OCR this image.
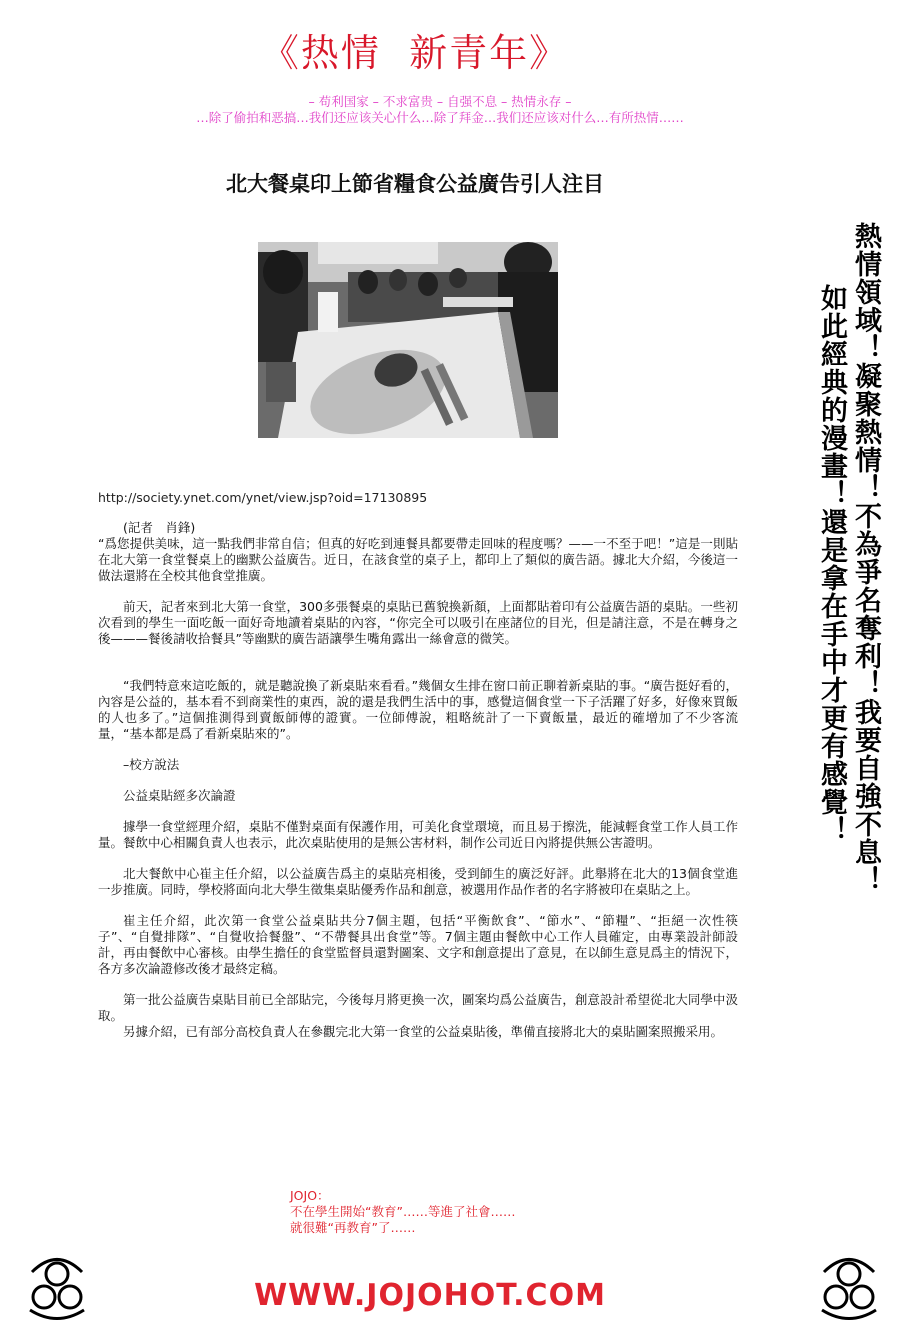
《热情  新青年》
– 苟利国家 – 不求富贵 – 自强不息 – 热情永存 –
…除了偷拍和恶搞…我们还应该关心什么…除了拜金…我们还应该对什么…有所热情……
北大餐桌印上節省糧食公益廣告引人注目
http://society.ynet.com/ynet/view.jsp?oid=17130895

(記者　肖鋒)

“爲您提供美味，這一點我們非常自信；但真的好吃到連餐具都要帶走回味的程度嗎？——一不至于吧！”這是一則貼在北大第一食堂餐桌上的幽默公益廣告。近日，在該食堂的桌子上，都印上了類似的廣告語。據北大介紹，今後這一做法還將在全校其他食堂推廣。

前天，記者來到北大第一食堂，300多張餐桌的桌貼已舊貌換新顏，上面都貼着印有公益廣告語的桌貼。一些初次看到的學生一面吃飯一面好奇地讀着桌貼的內容，“你完全可以吸引在座諸位的目光，但是請注意，不是在轉身之後———餐後請收拾餐具”等幽默的廣告語讓學生嘴角露出一絲會意的微笑。

“我們特意來這吃飯的，就是聽說換了新桌貼來看看。”幾個女生排在窗口前正聊着新桌貼的事。“廣告挺好看的，內容是公益的，基本看不到商業性的東西，說的還是我們生活中的事，感覺這個食堂一下子活躍了好多，好像來買飯的人也多了。”這個推測得到賣飯師傅的證實。一位師傅說，粗略統計了一下賣飯量，最近的確增加了不少客流量，“基本都是爲了看新桌貼來的”。

–校方說法

公益桌貼經多次論證

據學一食堂經理介紹，桌貼不僅對桌面有保護作用，可美化食堂環境，而且易于擦洗，能減輕食堂工作人員工作量。餐飲中心相關負責人也表示，此次桌貼使用的是無公害材料，制作公司近日內將提供無公害證明。

北大餐飲中心崔主任介紹，以公益廣告爲主的桌貼亮相後，受到師生的廣泛好評。此舉將在北大的13個食堂進一步推廣。同時，學校將面向北大學生徵集桌貼優秀作品和創意，被選用作品作者的名字將被印在桌貼之上。

崔主任介紹，此次第一食堂公益桌貼共分7個主題，包括“平衡飲食”、“節水”、“節糧”、“拒絕一次性筷子”、“自覺排隊”、“自覺收拾餐盤”、“不帶餐具出食堂”等。7個主題由餐飲中心工作人員確定，由專業設計師設計，再由餐飲中心審核。由學生擔任的食堂監督員還對圖案、文字和創意提出了意見，在以師生意見爲主的情況下，各方多次論證修改後才最終定稿。

第一批公益廣告桌貼目前已全部貼完，今後每月將更換一次，圖案均爲公益廣告，創意設計希望從北大同學中汲取。

另據介紹，已有部分高校負責人在參觀完北大第一食堂的公益桌貼後，準備直接將北大的桌貼圖案照搬采用。

如此經典的漫畫！還是拿在手中才更有感覺！ 熱情領域！凝聚熱情！不為爭名奪利！我要自強不息！
JOJO：
不在學生開始“教育”……等進了社會……
就很難“再教育”了……
WWW.JOJOHOT.COM
